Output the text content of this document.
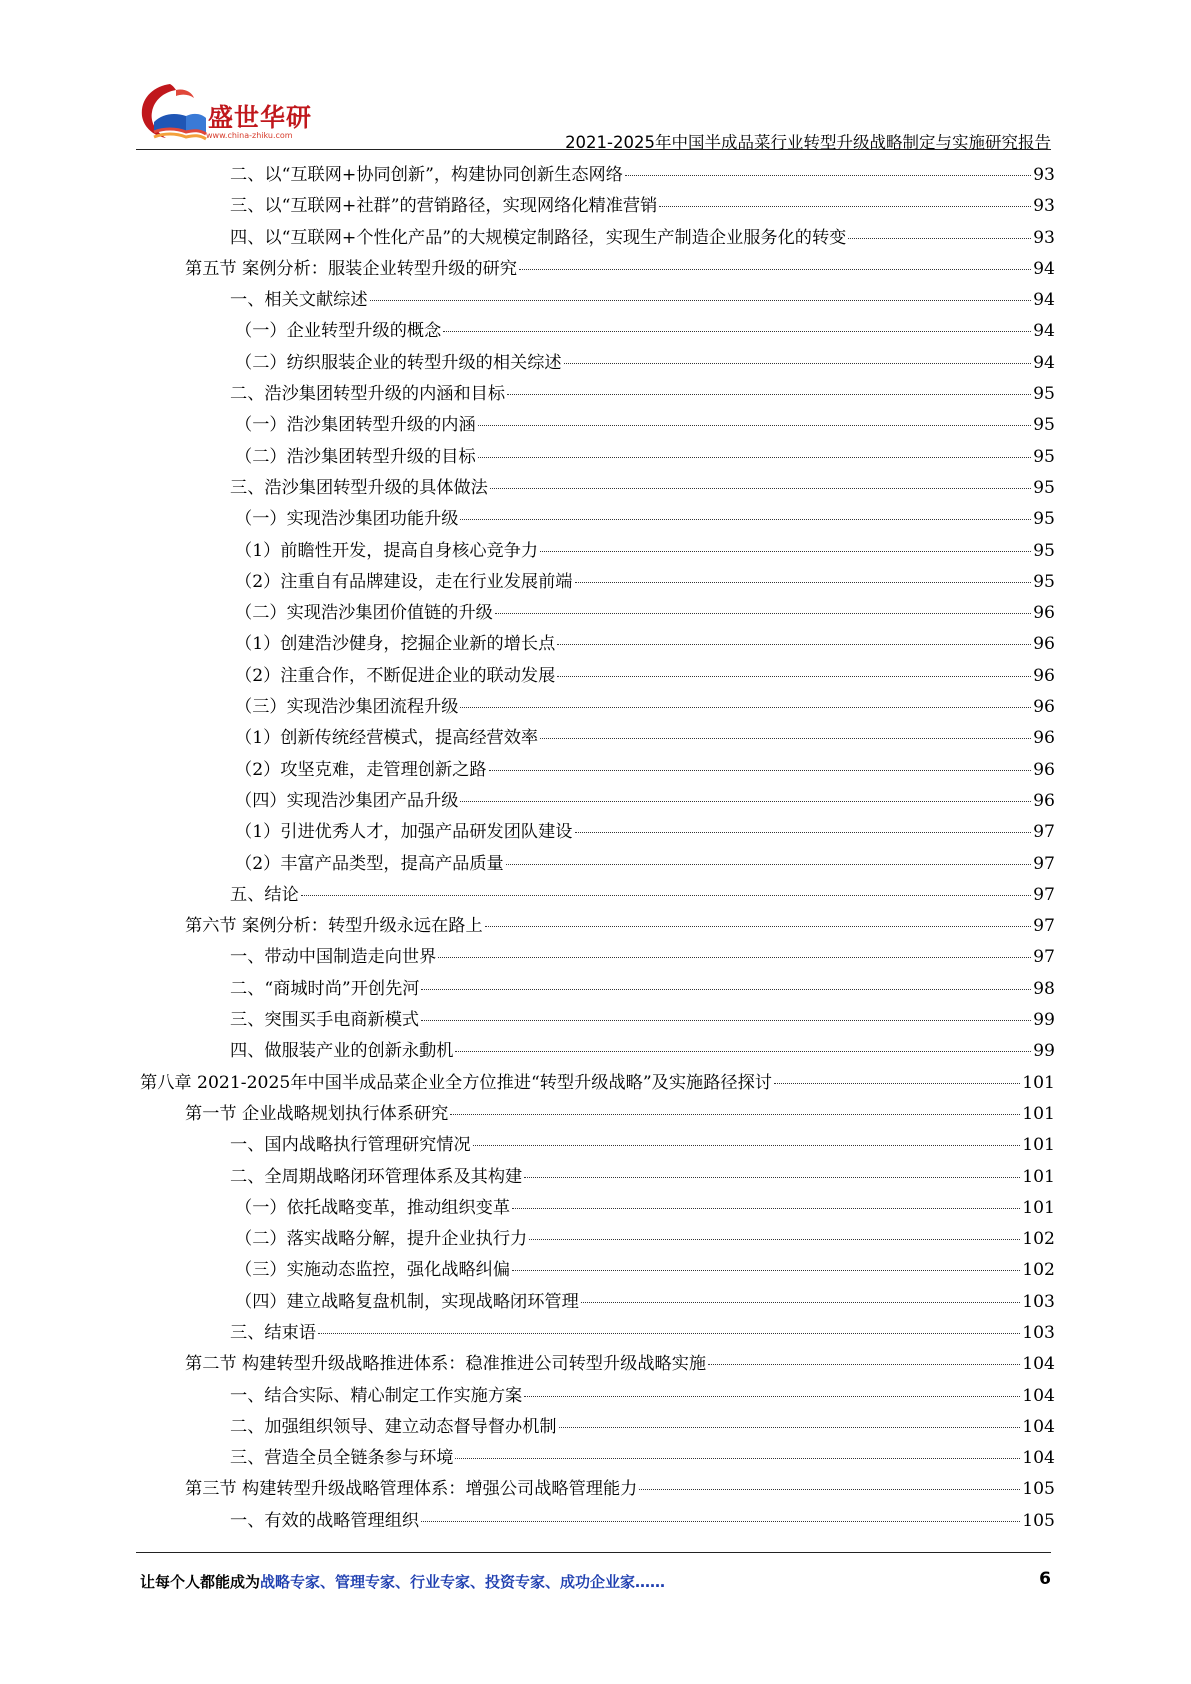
盛世华研
www.china-zhiku.com	2021-2025年中国半成品菜行业转型升级战略制定与实施研究报告
二、以“互联网+协同创新”，构建协同创新生态网络	93
三、以“互联网+社群”的营销路径，实现网络化精准营销	93
四、以“互联网+个性化产品”的大规模定制路径，实现生产制造企业服务化的转变	93
第五节 案例分析：服装企业转型升级的研究	94
一、相关文献综述	94
（一）企业转型升级的概念	94
（二）纺织服装企业的转型升级的相关综述	94
二、浩沙集团转型升级的内涵和目标	95
（一）浩沙集团转型升级的内涵	95
（二）浩沙集团转型升级的目标	95
三、浩沙集团转型升级的具体做法	95
（一）实现浩沙集团功能升级	95
（1）前瞻性开发，提高自身核心竞争力	95
（2）注重自有品牌建设，走在行业发展前端	95
（二）实现浩沙集团价值链的升级	96
（1）创建浩沙健身，挖掘企业新的增长点	96
（2）注重合作，不断促进企业的联动发展	96
（三）实现浩沙集团流程升级	96
（1）创新传统经营模式，提高经营效率	96
（2）攻坚克难，走管理创新之路	96
（四）实现浩沙集团产品升级	96
（1）引进优秀人才，加强产品研发团队建设	97
（2）丰富产品类型，提高产品质量	97
五、结论	97
第六节 案例分析：转型升级永远在路上	97
一、带动中国制造走向世界	97
二、“商城时尚”开创先河	98
三、突围买手电商新模式	99
四、做服装产业的创新永動机	99
第八章 2021-2025年中国半成品菜企业全方位推进“转型升级战略”及实施路径探讨	101
第一节 企业战略规划执行体系研究	101
一、国内战略执行管理研究情况	101
二、全周期战略闭环管理体系及其构建	101
（一）依托战略变革，推动组织变革	101
（二）落实战略分解，提升企业执行力	102
（三）实施动态监控，强化战略纠偏	102
（四）建立战略复盘机制，实现战略闭环管理	103
三、结束语	103
第二节 构建转型升级战略推进体系：稳准推进公司转型升级战略实施	104
一、结合实际、精心制定工作实施方案	104
二、加强组织领导、建立动态督导督办机制	104
三、营造全员全链条参与环境	104
第三节 构建转型升级战略管理体系：增强公司战略管理能力	105
一、有效的战略管理组织	105
让每个人都能成为战略专家、管理专家、行业专家、投资专家、成功企业家……	6
